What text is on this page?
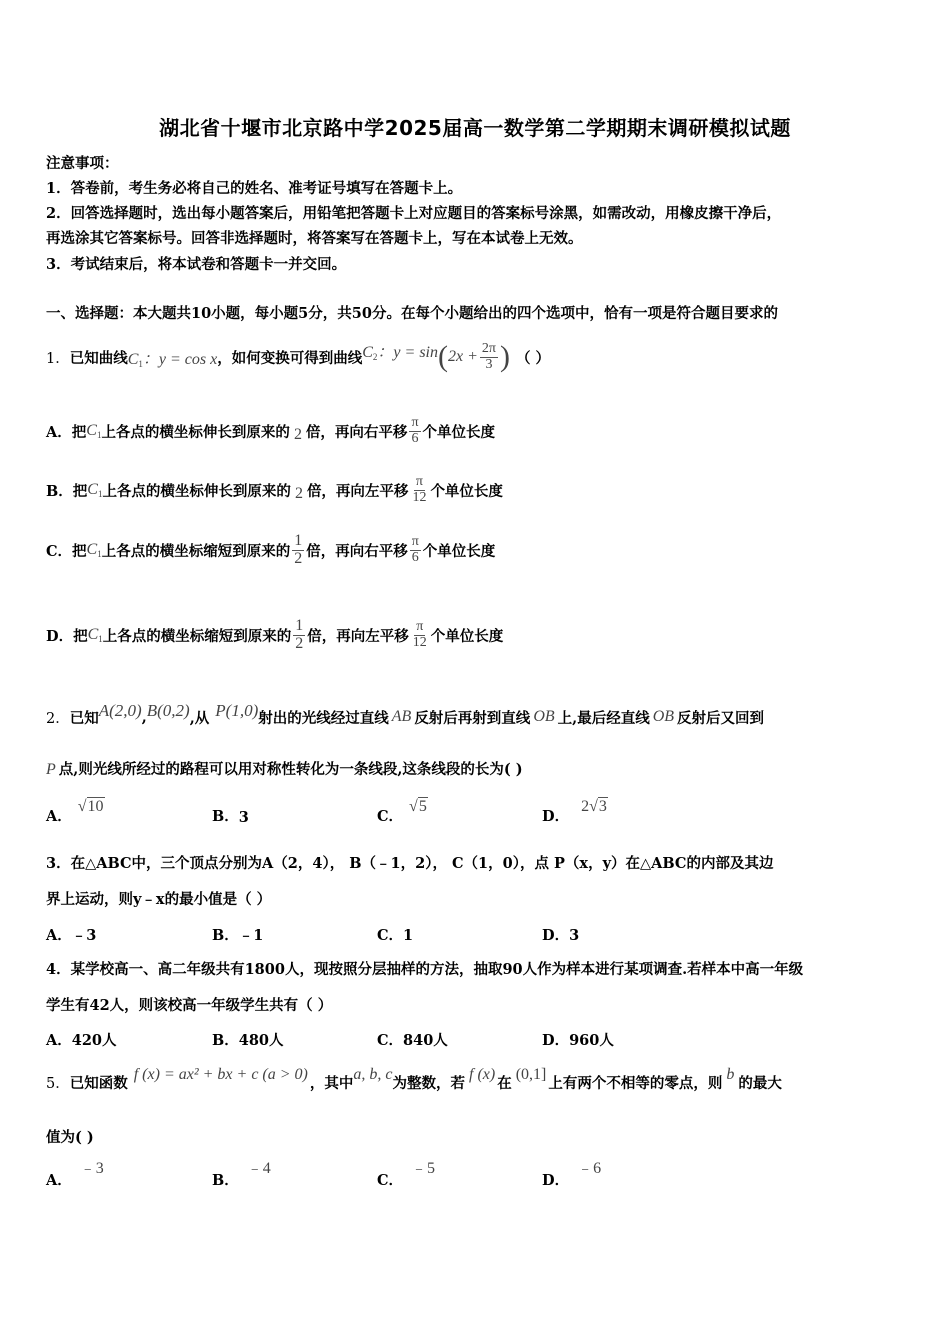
湖北省十堰市北京路中学2025届高一数学第二学期期末调研模拟试题
注意事项：
1．答卷前，考生务必将自己的姓名、准考证号填写在答题卡上。
2．回答选择题时，选出每小题答案后，用铅笔把答题卡上对应题目的答案标号涂黑，如需改动，用橡皮擦干净后，
再选涂其它答案标号。回答非选择题时，将答案写在答题卡上，写在本试卷上无效。
3．考试结束后，将本试卷和答题卡一并交回。
一、选择题：本大题共10小题，每小题5分，共50分。在每个小题给出的四个选项中，恰有一项是符合题目要求的
1． 已知曲线 $C_1$：y = cos x ，如何变换可得到曲线 $C_2$：y = sin ( $2x + \frac{2\pi}{3}$ ) （ ）
A． 把 $C_1$ 上各点的横坐标伸长到原来的 2 倍，再向右平移 $\frac{\pi}{6}$ 个单位长度
B． 把 $C_1$ 上各点的横坐标伸长到原来的 2 倍，再向左平移 $\frac{\pi}{12}$ 个单位长度
C． 把 $C_1$ 上各点的横坐标缩短到原来的 $\frac{1}{2}$ 倍，再向右平移 $\frac{\pi}{6}$ 个单位长度
D． 把 $C_1$ 上各点的横坐标缩短到原来的 $\frac{1}{2}$ 倍，再向左平移 $\frac{\pi}{12}$ 个单位长度
2． 已知 A(2,0) , B(0,2) ,从 P(1,0) 射出的光线经过直线 AB 反射后再射到直线 OB 上,最后经直线 OB 反射后又回到
P 点,则光线所经过的路程可以用对称性转化为一条线段,这条线段的长为( )
A．
√10
B． 3	C．
√5
D．
2√3
3．在△ABC中，三个顶点分别为A（2，4）， B（﹣1，2）， C（1，0），点 P（x，y）在△ABC的内部及其边
界上运动，则y﹣x的最小值是（ ）
A．﹣3	B．﹣1	C．1	D．3
4．某学校高一、高二年级共有1800人，现按照分层抽样的方法，抽取90人作为样本进行某项调查.若样本中高一年级
学生有42人，则该校高一年级学生共有（ ）
A．420人	B．480人	C．840人	D．960人
5． 已知函数 f (x) = ax² + bx + c (a > 0) ，其中 a, b, c 为整数，若 f (x) 在 (0,1] 上有两个不相等的零点，则 b 的最大
值为( )
A．
﹣3
B．
﹣4
C．
﹣5
D．
﹣6
